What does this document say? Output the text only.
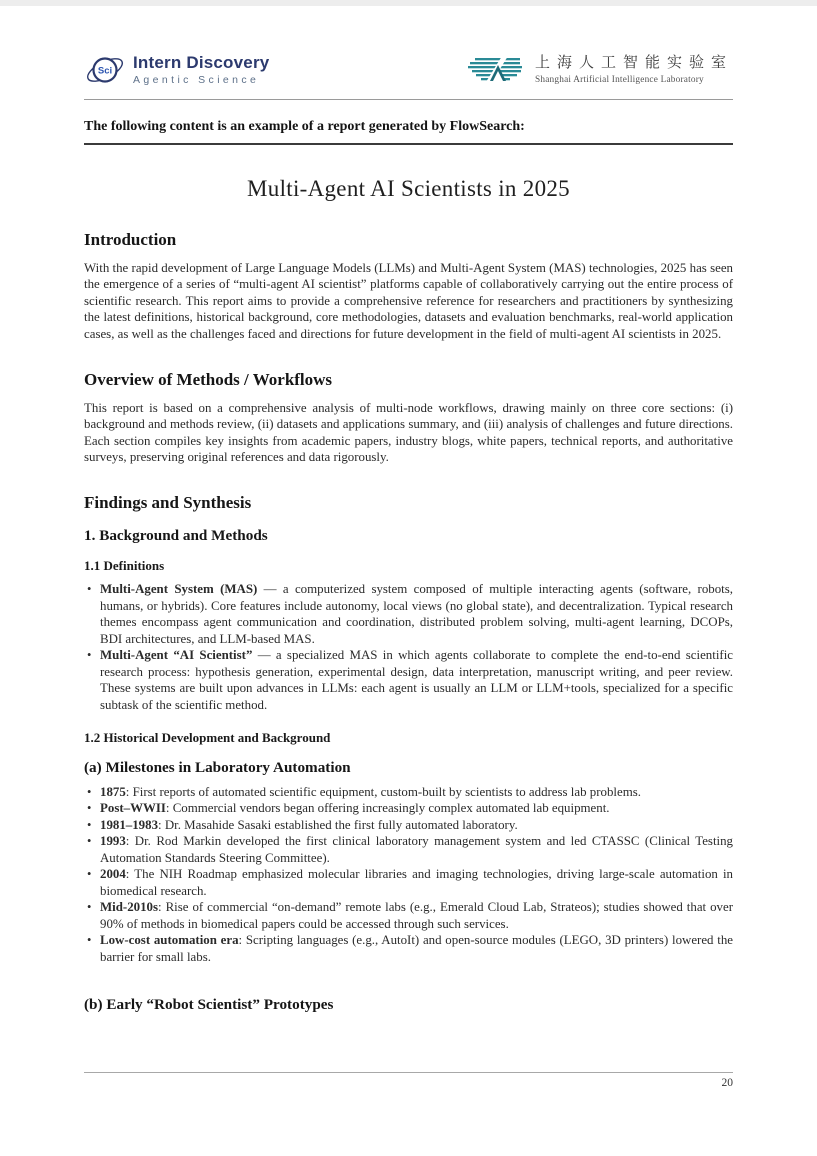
Sci Intern Discovery
Agentic Science
上海人工智能实验室
Shanghai Artificial Intelligence Laboratory

The following content is an example of a report generated by FlowSearch:

Multi-Agent AI Scientists in 2025
Introduction

With the rapid development of Large Language Models (LLMs) and Multi-Agent System (MAS) technologies, 2025 has seen the emergence of a series of “multi-agent AI scientist” platforms capable of collaboratively carrying out the entire process of scientific research. This report aims to provide a comprehensive reference for researchers and practitioners by synthesizing the latest definitions, historical background, core methodologies, datasets and evaluation benchmarks, real-world application cases, as well as the challenges faced and directions for future development in the field of multi-agent AI scientists in 2025.

Overview of Methods / Workflows

This report is based on a comprehensive analysis of multi-node workflows, drawing mainly on three core sections: (i) background and methods review, (ii) datasets and applications summary, and (iii) analysis of challenges and future directions. Each section compiles key insights from academic papers, industry blogs, white papers, technical reports, and authoritative surveys, preserving original references and data rigorously.

Findings and Synthesis
1. Background and Methods
1.1 Definitions
• Multi-Agent System (MAS) — a computerized system composed of multiple interacting agents (software, robots, humans, or hybrids). Core features include autonomy, local views (no global state), and decentralization. Typical research themes encompass agent communication and coordination, distributed problem solving, multi-agent learning, DCOPs, BDI architectures, and LLM-based MAS.
• Multi-Agent “AI Scientist” — a specialized MAS in which agents collaborate to complete the end-to-end scientific research process: hypothesis generation, experimental design, data interpretation, manuscript writing, and peer review. These systems are built upon advances in LLMs: each agent is usually an LLM or LLM+tools, specialized for a specific subtask of the scientific method.
1.2 Historical Development and Background
(a) Milestones in Laboratory Automation
• 1875: First reports of automated scientific equipment, custom-built by scientists to address lab problems.
• Post–WWII: Commercial vendors began offering increasingly complex automated lab equipment.
• 1981–1983: Dr. Masahide Sasaki established the first fully automated laboratory.
• 1993: Dr. Rod Markin developed the first clinical laboratory management system and led CTASSC (Clinical Testing Automation Standards Steering Committee).
• 2004: The NIH Roadmap emphasized molecular libraries and imaging technologies, driving large-scale automation in biomedical research.
• Mid-2010s: Rise of commercial “on-demand” remote labs (e.g., Emerald Cloud Lab, Strateos); studies showed that over 90% of methods in biomedical papers could be accessed through such services.
• Low-cost automation era: Scripting languages (e.g., AutoIt) and open-source modules (LEGO, 3D printers) lowered the barrier for small labs.
(b) Early “Robot Scientist” Prototypes
20
